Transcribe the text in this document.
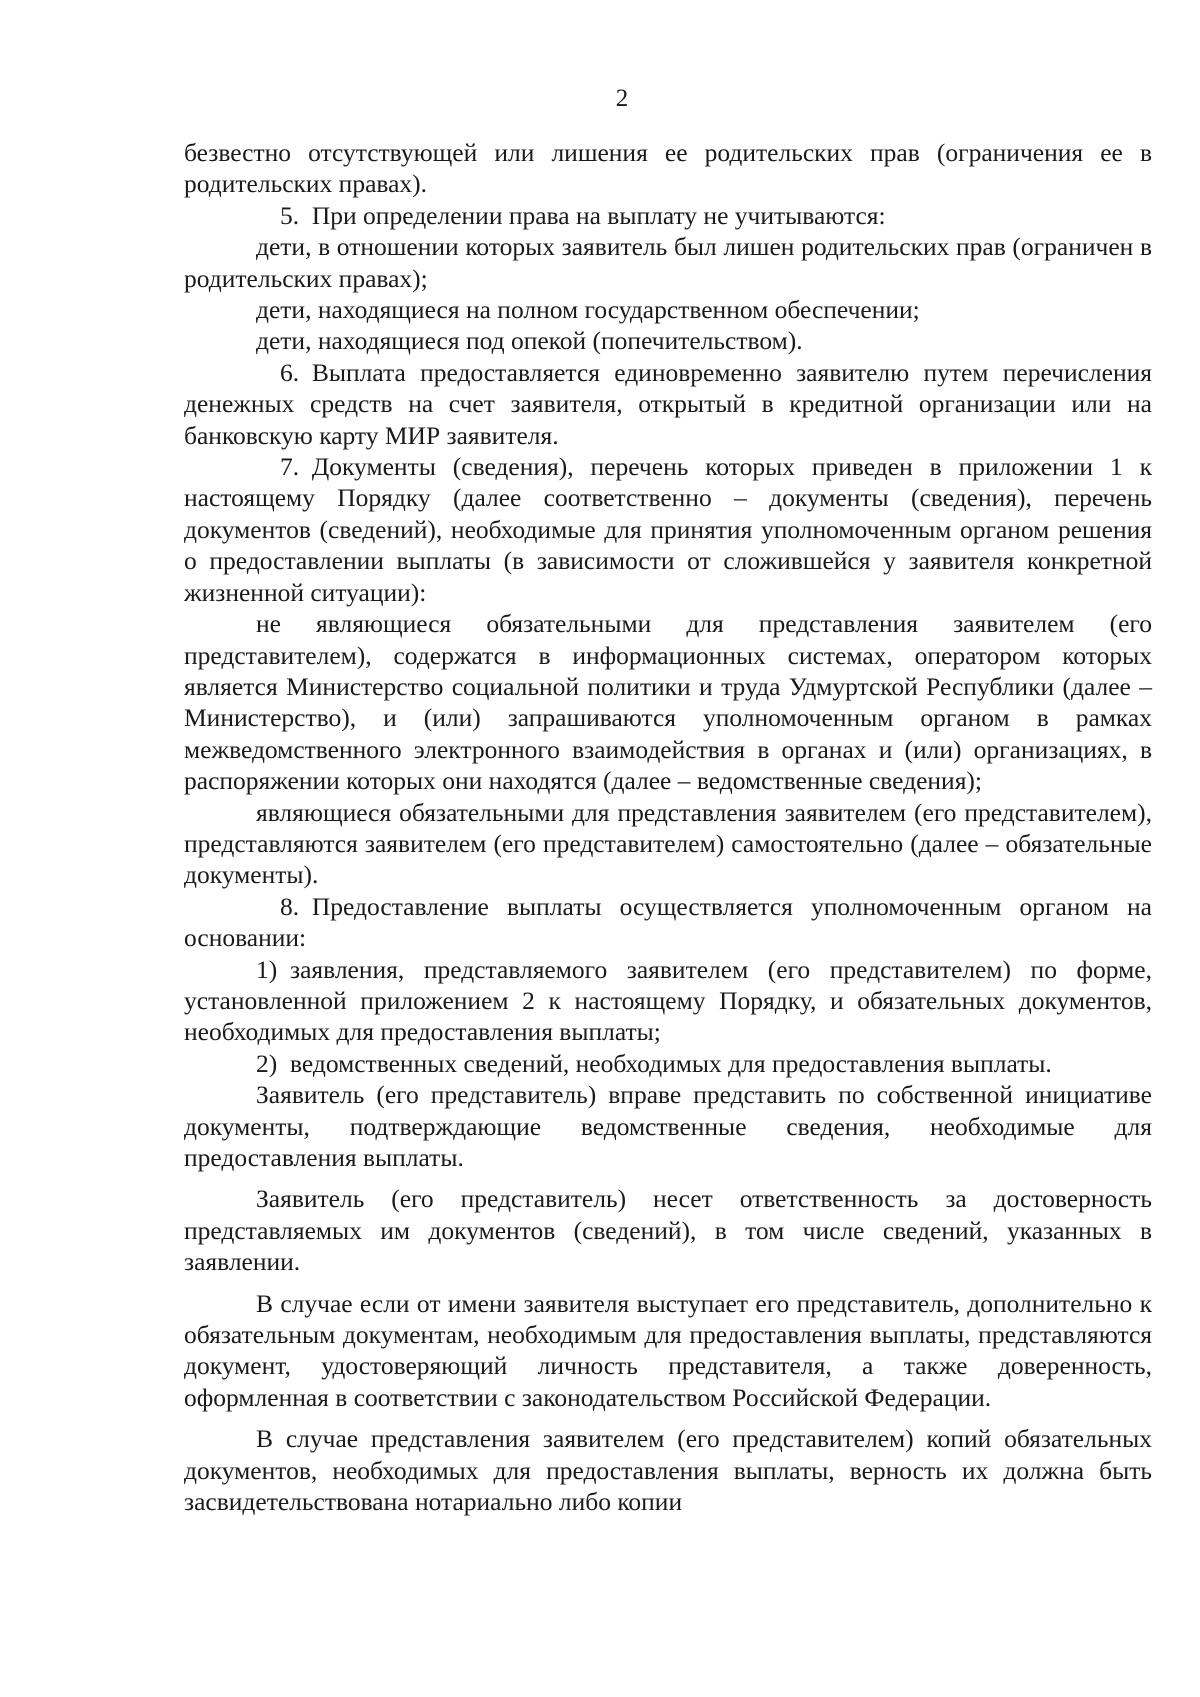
2

безвестно отсутствующей или лишения ее родительских прав (ограничения ее в родительских правах).

5. При определении права на выплату не учитываются:

дети, в отношении которых заявитель был лишен родительских прав (ограничен в родительских правах);

дети, находящиеся на полном государственном обеспечении;

дети, находящиеся под опекой (попечительством).

6. Выплата предоставляется единовременно заявителю путем перечисления денежных средств на счет заявителя, открытый в кредитной организации или на банковскую карту МИР заявителя.

7. Документы (сведения), перечень которых приведен в приложении 1 к настоящему Порядку (далее соответственно – документы (сведения), перечень документов (сведений), необходимые для принятия уполномоченным органом решения о предоставлении выплаты (в зависимости от сложившейся у заявителя конкретной жизненной ситуации):

не являющиеся обязательными для представления заявителем (его представителем), содержатся в информационных системах, оператором которых является Министерство социальной политики и труда Удмуртской Республики (далее – Министерство), и (или) запрашиваются уполномоченным органом в рамках межведомственного электронного взаимодействия в органах и (или) организациях, в распоряжении которых они находятся (далее – ведомственные сведения);

являющиеся обязательными для представления заявителем (его представителем), представляются заявителем (его представителем) самостоятельно (далее – обязательные документы).

8. Предоставление выплаты осуществляется уполномоченным органом на основании:

1) заявления, представляемого заявителем (его представителем) по форме, установленной приложением 2 к настоящему Порядку, и обязательных документов, необходимых для предоставления выплаты;

2) ведомственных сведений, необходимых для предоставления выплаты.

Заявитель (его представитель) вправе представить по собственной инициативе документы, подтверждающие ведомственные сведения, необходимые для предоставления выплаты.

Заявитель (его представитель) несет ответственность за достоверность представляемых им документов (сведений), в том числе сведений, указанных в заявлении.

В случае если от имени заявителя выступает его представитель, дополнительно к обязательным документам, необходимым для предоставления выплаты, представляются документ, удостоверяющий личность представителя, а также доверенность, оформленная в соответствии с законодательством Российской Федерации.

В случае представления заявителем (его представителем) копий обязательных документов, необходимых для предоставления выплаты, верность их должна быть засвидетельствована нотариально либо копии
